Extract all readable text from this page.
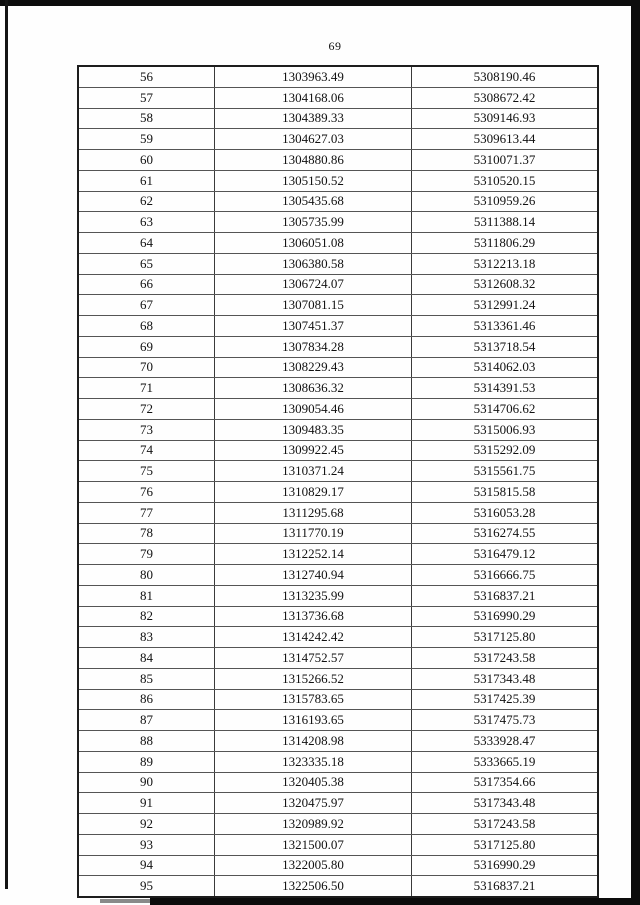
69
56	1303963.49	5308190.46
57	1304168.06	5308672.42
58	1304389.33	5309146.93
59	1304627.03	5309613.44
60	1304880.86	5310071.37
61	1305150.52	5310520.15
62	1305435.68	5310959.26
63	1305735.99	5311388.14
64	1306051.08	5311806.29
65	1306380.58	5312213.18
66	1306724.07	5312608.32
67	1307081.15	5312991.24
68	1307451.37	5313361.46
69	1307834.28	5313718.54
70	1308229.43	5314062.03
71	1308636.32	5314391.53
72	1309054.46	5314706.62
73	1309483.35	5315006.93
74	1309922.45	5315292.09
75	1310371.24	5315561.75
76	1310829.17	5315815.58
77	1311295.68	5316053.28
78	1311770.19	5316274.55
79	1312252.14	5316479.12
80	1312740.94	5316666.75
81	1313235.99	5316837.21
82	1313736.68	5316990.29
83	1314242.42	5317125.80
84	1314752.57	5317243.58
85	1315266.52	5317343.48
86	1315783.65	5317425.39
87	1316193.65	5317475.73
88	1314208.98	5333928.47
89	1323335.18	5333665.19
90	1320405.38	5317354.66
91	1320475.97	5317343.48
92	1320989.92	5317243.58
93	1321500.07	5317125.80
94	1322005.80	5316990.29
95	1322506.50	5316837.21
